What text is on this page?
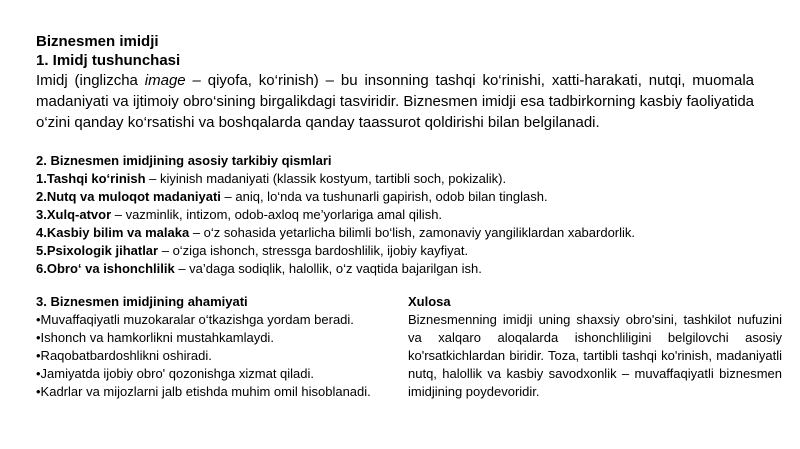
Biznesmen imidji
1. Imidj tushunchasi

Imidj (inglizcha image – qiyofa, ko‘rinish) – bu insonning tashqi ko‘rinishi, xatti-harakati, nutqi, muomala madaniyati va ijtimoiy obro‘sining birgalikdagi tasviridir. Biznesmen imidji esa tadbirkorning kasbiy faoliyatida o‘zini qanday ko‘rsatishi va boshqalarda qanday taassurot qoldirishi bilan belgilanadi.

2. Biznesmen imidjining asosiy tarkibiy qismlari
1.Tashqi ko‘rinish – kiyinish madaniyati (klassik kostyum, tartibli soch, pokizalik).
2.Nutq va muloqot madaniyati – aniq, lo‘nda va tushunarli gapirish, odob bilan tinglash.
3.Xulq-atvor – vazminlik, intizom, odob-axloq me’yorlariga amal qilish.
4.Kasbiy bilim va malaka – o‘z sohasida yetarlicha bilimli bo‘lish, zamonaviy yangiliklardan xabardorlik.
5.Psixologik jihatlar – o‘ziga ishonch, stressga bardoshlilik, ijobiy kayfiyat.
6.Obro‘ va ishonchlilik – va’daga sodiqlik, halollik, o‘z vaqtida bajarilgan ish.
3. Biznesmen imidjining ahamiyati
•Muvaffaqiyatli muzokaralar o‘tkazishga yordam beradi.
•Ishonch va hamkorlikni mustahkamlaydi.
•Raqobatbardoshlikni oshiradi.
•Jamiyatda ijobiy obro' qozonishga xizmat qiladi.
•Kadrlar va mijozlarni jalb etishda muhim omil hisoblanadi.
Xulosa

Biznesmenning imidji uning shaxsiy obro'sini, tashkilot nufuzini va xalqaro aloqalarda ishonchliligini belgilovchi asosiy ko'rsatkichlardan biridir. Toza, tartibli tashqi ko'rinish, madaniyatli nutq, halollik va kasbiy savodxonlik – muvaffaqiyatli biznesmen imidjining poydevoridir.
